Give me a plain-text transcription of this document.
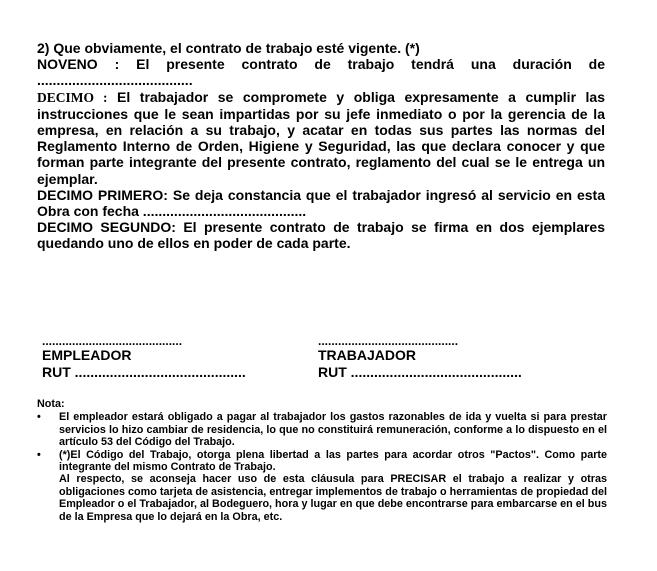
2) Que obviamente, el contrato de trabajo esté vigente. (*)

NOVENO : El presente contrato de trabajo tendrá una duración de ........................................

DECIMO : El trabajador se compromete y obliga expresamente a cumplir las instrucciones que le sean impartidas por su jefe inmediato o por la gerencia de la empresa, en relación a su trabajo, y acatar en todas sus partes las normas del Reglamento Interno de Orden, Higiene y Seguridad, las que declara conocer y que forman parte integrante del presente contrato, reglamento del cual se le entrega un ejemplar.

DECIMO PRIMERO: Se deja constancia que el trabajador ingresó al servicio en esta Obra con fecha ..........................................

DECIMO SEGUNDO: El presente contrato de trabajo se firma en dos ejemplares quedando uno de ellos en poder de cada parte.

..........................................
EMPLEADOR
RUT ............................................
..........................................
TRABAJADOR
RUT ............................................

Nota:

• El empleador estará obligado a pagar al trabajador los gastos razonables de ida y vuelta si para prestar servicios lo hizo cambiar de residencia, lo que no constituirá remuneración, conforme a lo dispuesto en el artículo 53 del Código del Trabajo.

• (*)El Código del Trabajo, otorga plena libertad a las partes para acordar otros "Pactos". Como parte integrante del mismo Contrato de Trabajo.

Al respecto, se aconseja hacer uso de esta cláusula para PRECISAR el trabajo a realizar y otras obligaciones como tarjeta de asistencia, entregar implementos de trabajo o herramientas de propiedad del Empleador o el Trabajador, al Bodeguero, hora y lugar en que debe encontrarse para embarcarse en el bus de la Empresa que lo dejará en la Obra, etc.
